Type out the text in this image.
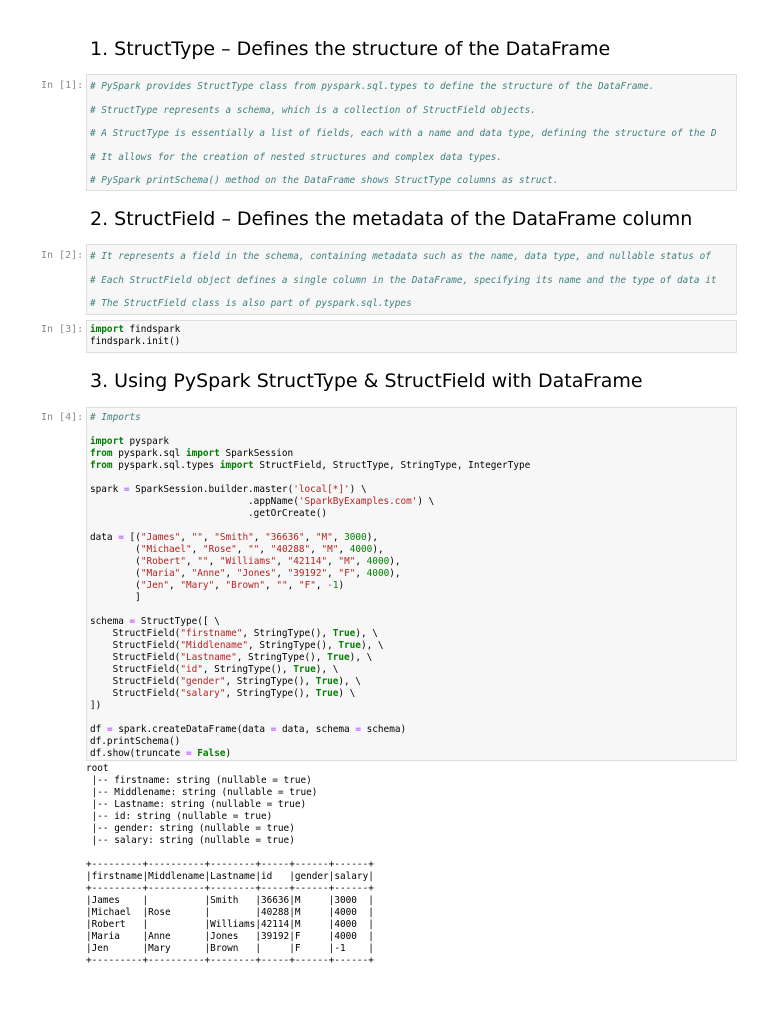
1. StructType – Defines the structure of the DataFrame
In [1]: # PySpark provides StructType class from pyspark.sql.types to define the structure of the DataFrame.
# StructType represents a schema, which is a collection of StructField objects.
# A StructType is essentially a list of fields, each with a name and data type, defining the structure of the D
# It allows for the creation of nested structures and complex data types.
# PySpark printSchema() method on the DataFrame shows StructType columns as struct.
2. StructField – Defines the metadata of the DataFrame column
In [2]: # It represents a field in the schema, containing metadata such as the name, data type, and nullable status of
# Each StructField object defines a single column in the DataFrame, specifying its name and the type of data it
# The StructField class is also part of pyspark.sql.types
In [3]: import findspark
findspark.init()
3. Using PySpark StructType & StructField with DataFrame
In [4]: # Imports

import pyspark
from pyspark.sql import SparkSession
from pyspark.sql.types import StructField, StructType, StringType, IntegerType

spark = SparkSession.builder.master('local[*]') \
.appName('SparkByExamples.com') \
.getOrCreate()

data = [("James", "", "Smith", "36636", "M", 3000),
("Michael", "Rose", "", "40288", "M", 4000),
("Robert", "", "Williams", "42114", "M", 4000),
("Maria", "Anne", "Jones", "39192", "F", 4000),
("Jen", "Mary", "Brown", "", "F", -1)
]

schema = StructType([ \
StructField("firstname", StringType(), True), \
StructField("Middlename", StringType(), True), \
StructField("Lastname", StringType(), True), \
StructField("id", StringType(), True), \
StructField("gender", StringType(), True), \
StructField("salary", StringType(), True) \
])

df = spark.createDataFrame(data = data, schema = schema)
df.printSchema()
df.show(truncate = False)
root
|-- firstname: string (nullable = true)
|-- Middlename: string (nullable = true)
|-- Lastname: string (nullable = true)
|-- id: string (nullable = true)
|-- gender: string (nullable = true)
|-- salary: string (nullable = true)

+---------+----------+--------+-----+------+------+
|firstname|Middlename|Lastname|id   |gender|salary|
+---------+----------+--------+-----+------+------+
|James    |          |Smith   |36636|M     |3000  |
|Michael  |Rose      |        |40288|M     |4000  |
|Robert   |          |Williams|42114|M     |4000  |
|Maria    |Anne      |Jones   |39192|F     |4000  |
|Jen      |Mary      |Brown   |     |F     |-1    |
+---------+----------+--------+-----+------+------+
